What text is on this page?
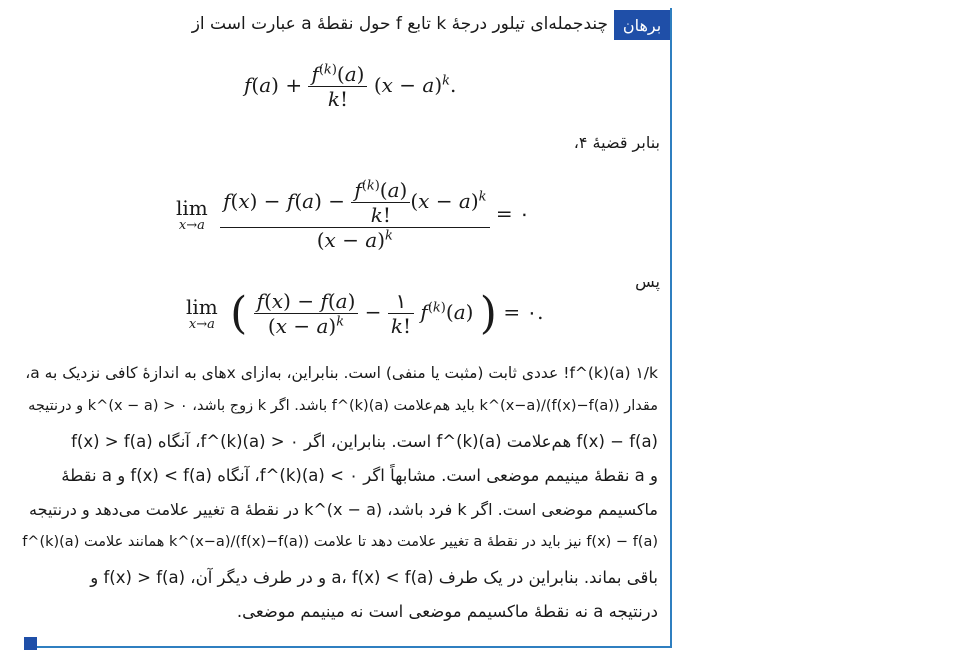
برهان
چندجمله‌ای تیلور درجهٔ k تابع f حول نقطهٔ a عبارت است از
$f(a) + \frac{f^{(k)}(a)}{k!} (x - a)^k$.
بنابر قضیهٔ ۴،
lim
x→a
$\frac{f(x) - f(a) - \frac{f^{(k)}(a)}{k!} (x - a)^k}{(x - a)^k}$ = ۰
پس
lim
x→a ( $\frac{f(x) - f(a)}{(x - a)^k} - \frac{۱}{k!} f^{(k)}(a)$ ) = ۰.
f^(k)(a) ۱/k! عددی ثابت (مثبت یا منفی) است. بنابراین، به‌ازای xهای به اندازهٔ کافی نزدیک به a،
مقدار (f(x)−f(a))/(x−a)^k باید هم‌علامت f^(k)(a) باشد. اگر k زوج باشد، ۰ < (x − a)^k و درنتیجه
f(x) − f(a) هم‌علامت f^(k)(a) است. بنابراین، اگر ۰ < f^(k)(a)، آنگاه f(x) > f(a)
و a نقطهٔ مینیمم موضعی است. مشابهاً اگر ۰ > f^(k)(a)، آنگاه f(x) < f(a) و a نقطهٔ
ماکسیمم موضعی است. اگر k فرد باشد، (x − a)^k در نقطهٔ a تغییر علامت می‌دهد و درنتیجه
f(x) − f(a) نیز باید در نقطهٔ a تغییر علامت دهد تا علامت (f(x)−f(a))/(x−a)^k همانند علامت f^(k)(a)
باقی بماند. بنابراین در یک طرف a، f(x) < f(a) و در طرف دیگر آن، f(x) > f(a) و
درنتیجه a نه نقطهٔ ماکسیمم موضعی است نه مینیمم موضعی.
